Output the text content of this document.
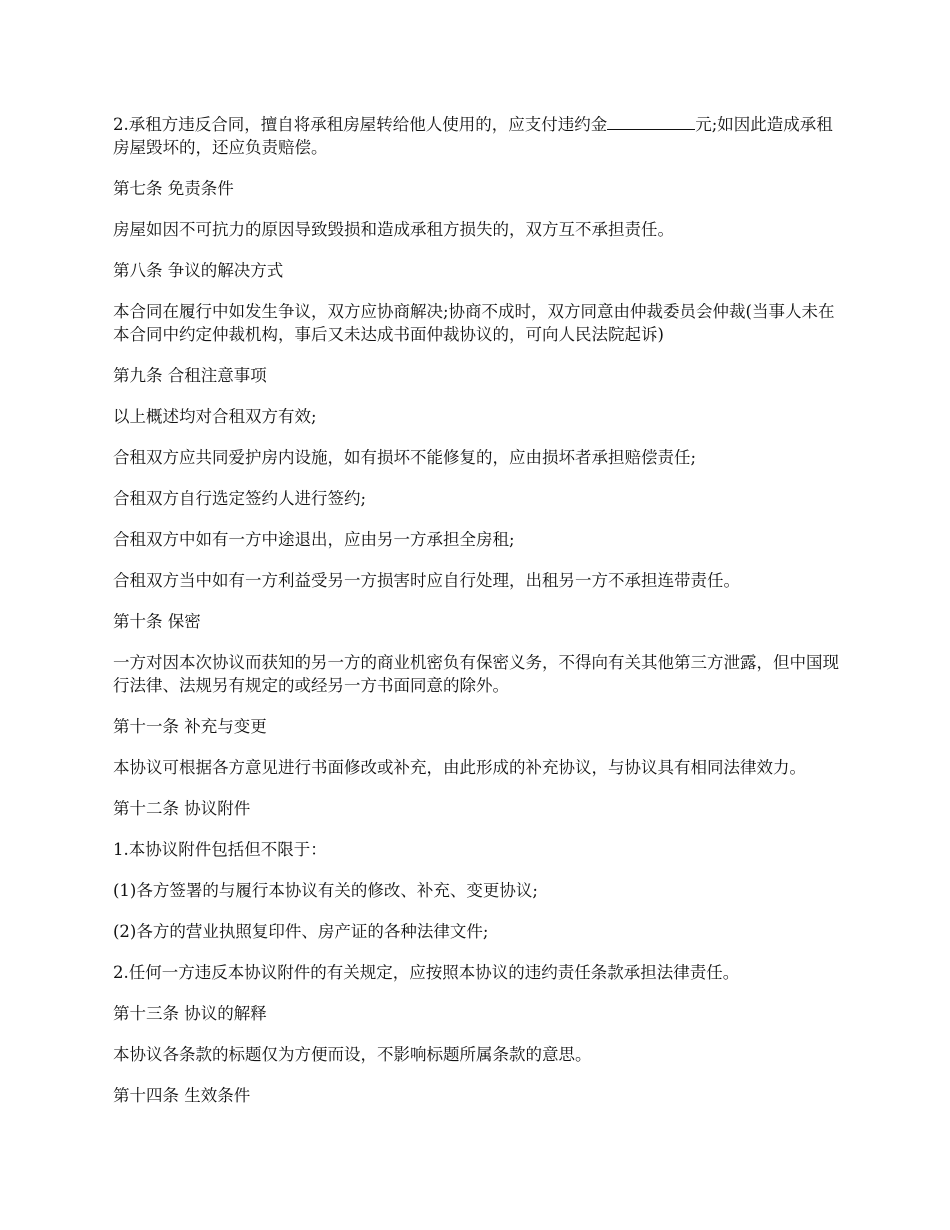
2.承租方违反合同，擅自将承租房屋转给他人使用的，应支付违约金	元;如因此造成承租房屋毁坏的，还应负责赔偿。

第七条 免责条件

房屋如因不可抗力的原因导致毁损和造成承租方损失的，双方互不承担责任。

第八条 争议的解决方式

本合同在履行中如发生争议，双方应协商解决;协商不成时，双方同意由仲裁委员会仲裁(当事人未在本合同中约定仲裁机构，事后又未达成书面仲裁协议的，可向人民法院起诉)

第九条 合租注意事项

以上概述均对合租双方有效;

合租双方应共同爱护房内设施，如有损坏不能修复的，应由损坏者承担赔偿责任;

合租双方自行选定签约人进行签约;

合租双方中如有一方中途退出，应由另一方承担全房租;

合租双方当中如有一方利益受另一方损害时应自行处理，出租另一方不承担连带责任。

第十条 保密

一方对因本次协议而获知的另一方的商业机密负有保密义务，不得向有关其他第三方泄露，但中国现行法律、法规另有规定的或经另一方书面同意的除外。

第十一条 补充与变更

本协议可根据各方意见进行书面修改或补充，由此形成的补充协议，与协议具有相同法律效力。

第十二条 协议附件

1.本协议附件包括但不限于：

(1)各方签署的与履行本协议有关的修改、补充、变更协议;

(2)各方的营业执照复印件、房产证的各种法律文件;

2.任何一方违反本协议附件的有关规定，应按照本协议的违约责任条款承担法律责任。

第十三条 协议的解释

本协议各条款的标题仅为方便而设，不影响标题所属条款的意思。

第十四条 生效条件
